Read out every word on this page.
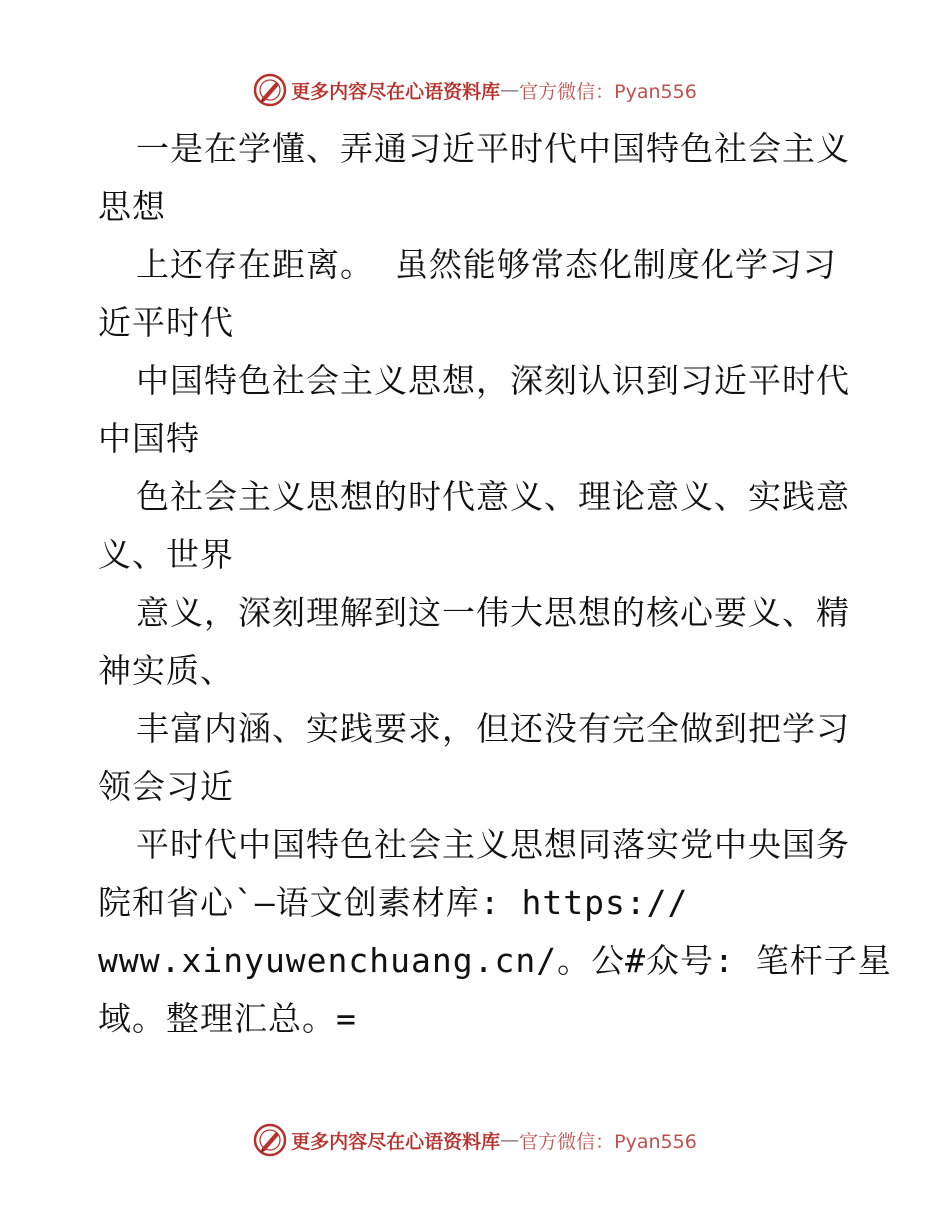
更多内容尽在心语资料库 — 官方微信：Pyan556
一是在学懂、弄通习近平时代中国特色社会主义
思想
上还存在距离。 虽然能够常态化制度化学习习
近平时代
中国特色社会主义思想，深刻认识到习近平时代
中国特
色社会主义思想的时代意义、理论意义、实践意
义、世界
意义，深刻理解到这一伟大思想的核心要义、精
神实质、
丰富内涵、实践要求，但还没有完全做到把学习
领会习近
平时代中国特色社会主义思想同落实党中央国务
院和省心`—语文创素材库: https://
www.xinyuwenchuang.cn/。公#众号: 笔杆子星
域。整理汇总。=
更多内容尽在心语资料库 — 官方微信：Pyan556
